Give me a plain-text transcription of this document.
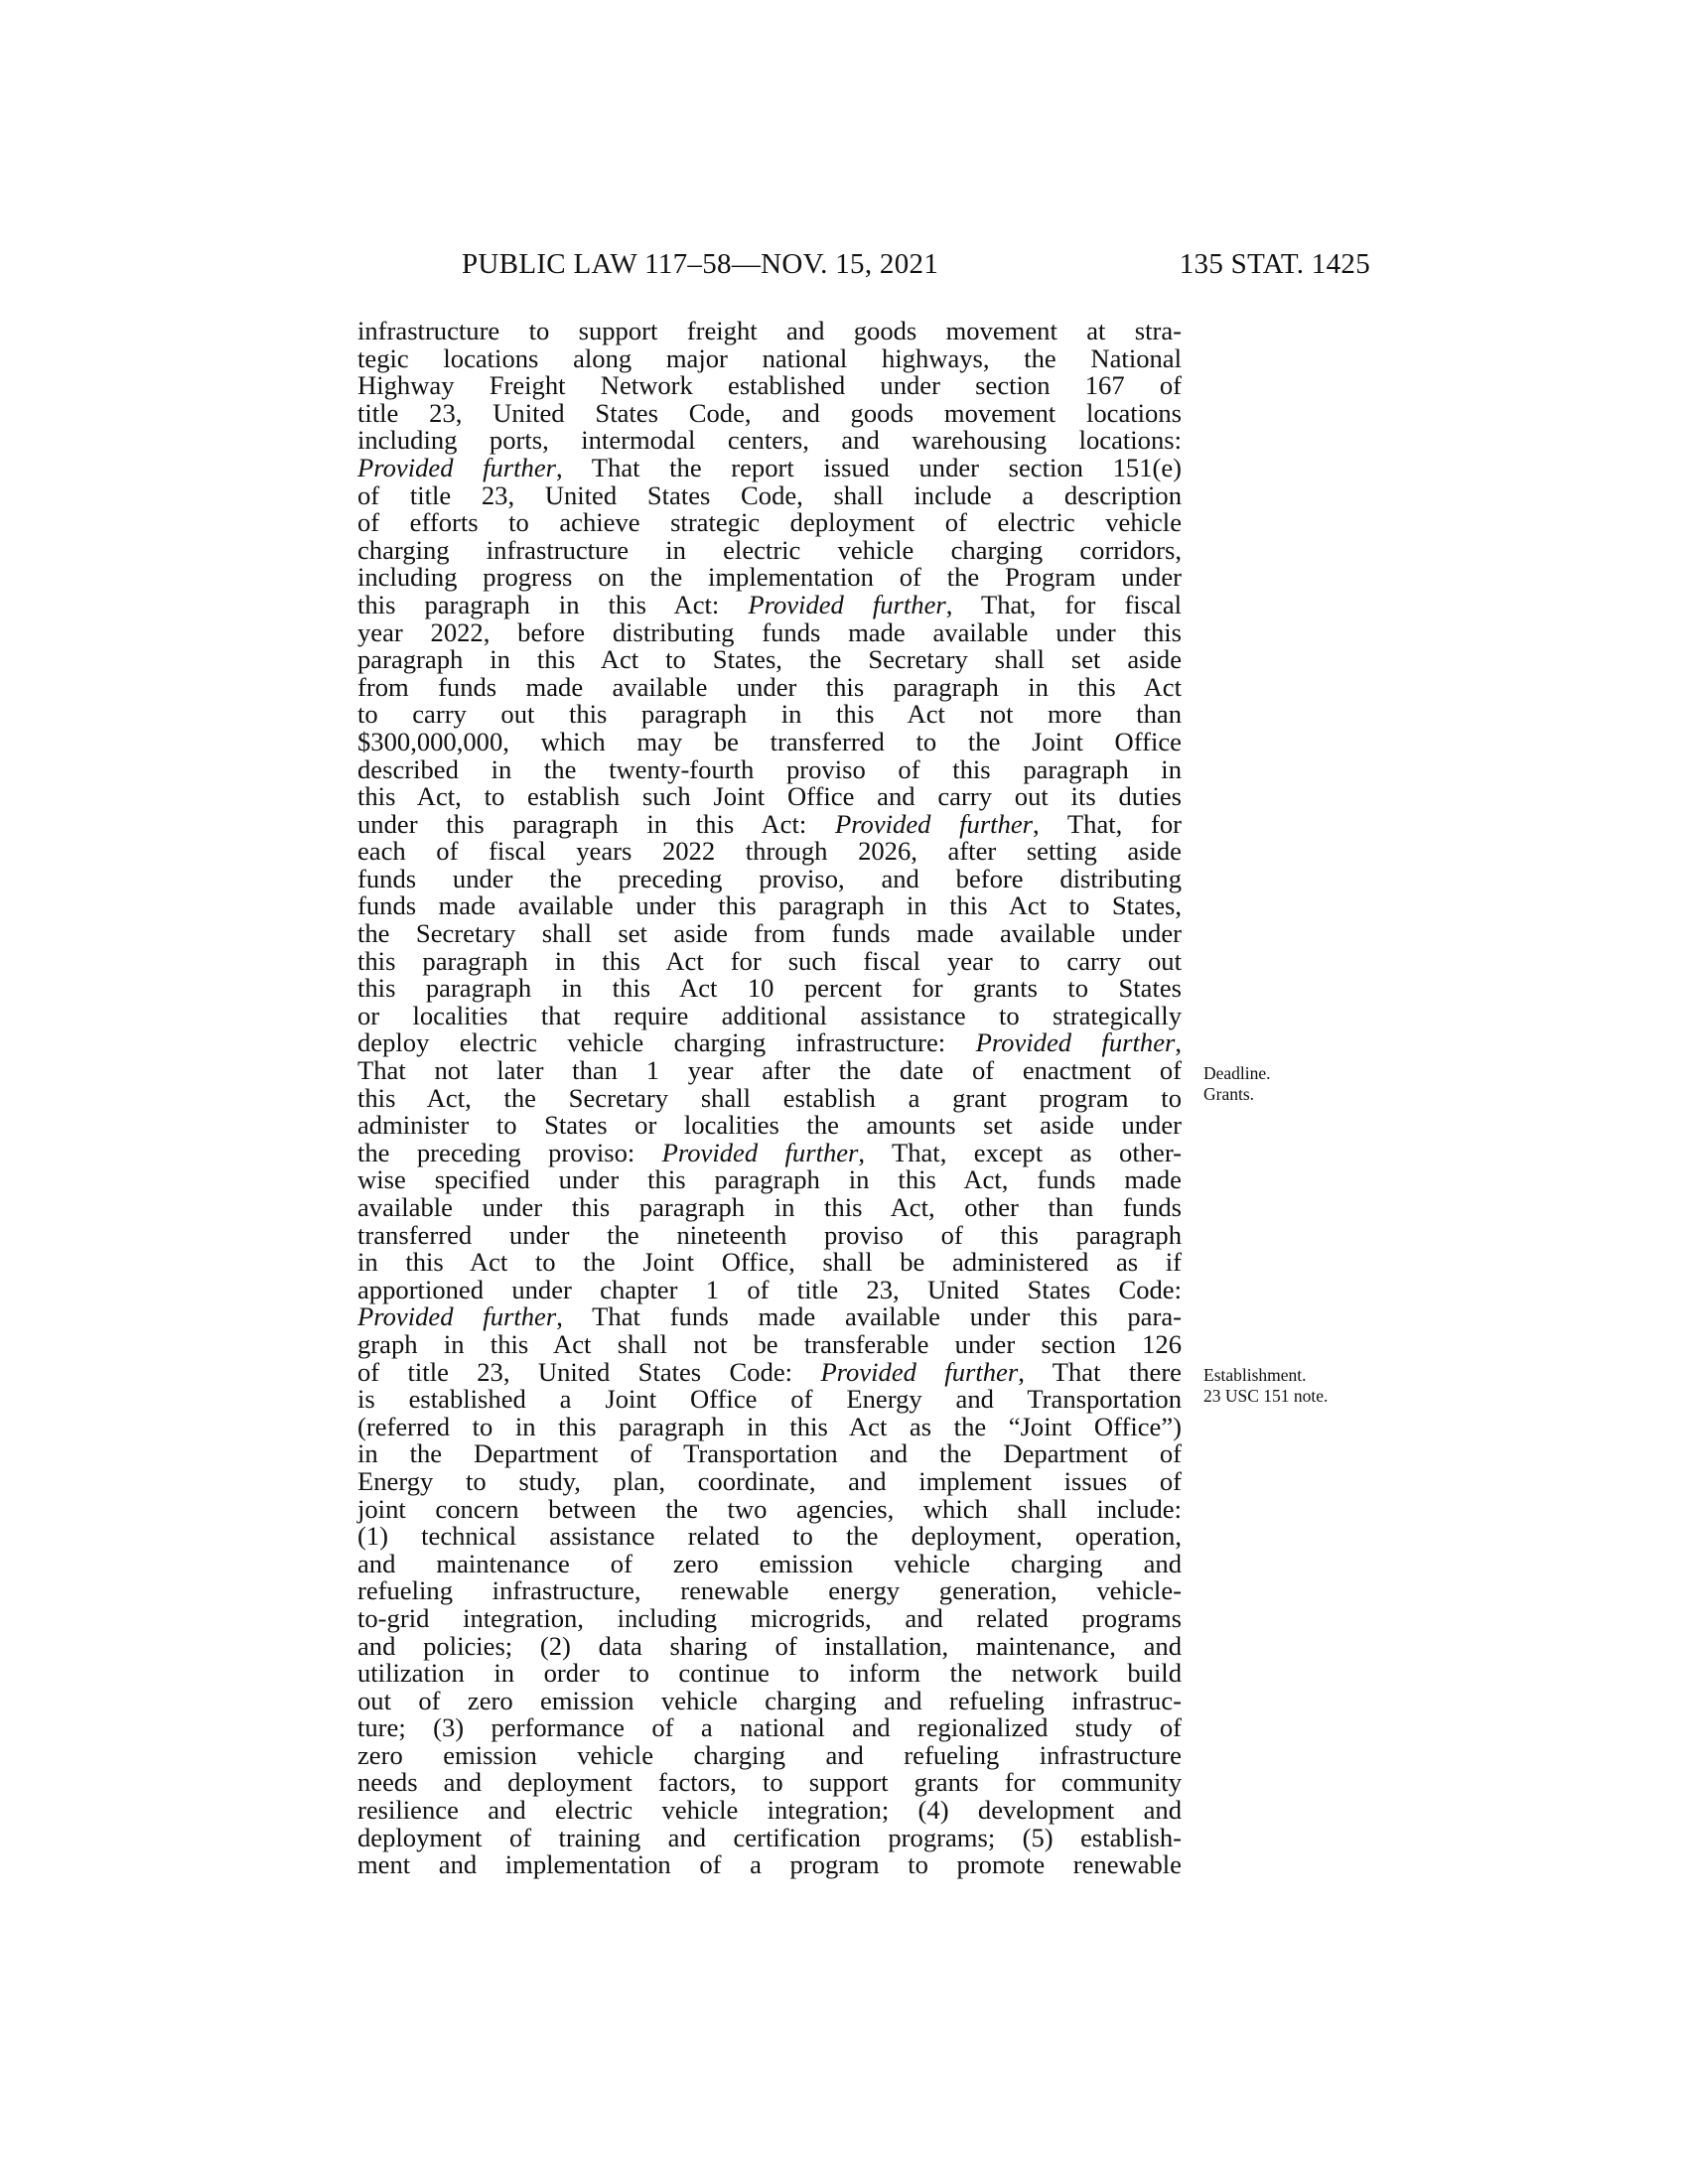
PUBLIC LAW 117–58—NOV. 15, 2021	135 STAT. 1425
infrastructure to support freight and goods movement at stra-
tegic locations along major national highways, the National
Highway Freight Network established under section 167 of
title 23, United States Code, and goods movement locations
including ports, intermodal centers, and warehousing locations:
Provided further, That the report issued under section 151(e)
of title 23, United States Code, shall include a description
of efforts to achieve strategic deployment of electric vehicle
charging infrastructure in electric vehicle charging corridors,
including progress on the implementation of the Program under
this paragraph in this Act: Provided further, That, for fiscal
year 2022, before distributing funds made available under this
paragraph in this Act to States, the Secretary shall set aside
from funds made available under this paragraph in this Act
to carry out this paragraph in this Act not more than
$300,000,000, which may be transferred to the Joint Office
described in the twenty-fourth proviso of this paragraph in
this Act, to establish such Joint Office and carry out its duties
under this paragraph in this Act: Provided further, That, for
each of fiscal years 2022 through 2026, after setting aside
funds under the preceding proviso, and before distributing
funds made available under this paragraph in this Act to States,
the Secretary shall set aside from funds made available under
this paragraph in this Act for such fiscal year to carry out
this paragraph in this Act 10 percent for grants to States
or localities that require additional assistance to strategically
deploy electric vehicle charging infrastructure: Provided further,
That not later than 1 year after the date of enactment of
this Act, the Secretary shall establish a grant program to
administer to States or localities the amounts set aside under
the preceding proviso: Provided further, That, except as other-
wise specified under this paragraph in this Act, funds made
available under this paragraph in this Act, other than funds
transferred under the nineteenth proviso of this paragraph
in this Act to the Joint Office, shall be administered as if
apportioned under chapter 1 of title 23, United States Code:
Provided further, That funds made available under this para-
graph in this Act shall not be transferable under section 126
of title 23, United States Code: Provided further, That there
is established a Joint Office of Energy and Transportation
(referred to in this paragraph in this Act as the “Joint Office”)
in the Department of Transportation and the Department of
Energy to study, plan, coordinate, and implement issues of
joint concern between the two agencies, which shall include:
(1) technical assistance related to the deployment, operation,
and maintenance of zero emission vehicle charging and
refueling infrastructure, renewable energy generation, vehicle-
to-grid integration, including microgrids, and related programs
and policies; (2) data sharing of installation, maintenance, and
utilization in order to continue to inform the network build
out of zero emission vehicle charging and refueling infrastruc-
ture; (3) performance of a national and regionalized study of
zero emission vehicle charging and refueling infrastructure
needs and deployment factors, to support grants for community
resilience and electric vehicle integration; (4) development and
deployment of training and certification programs; (5) establish-
ment and implementation of a program to promote renewable
Deadline.
Grants.
Establishment.
23 USC 151 note.
